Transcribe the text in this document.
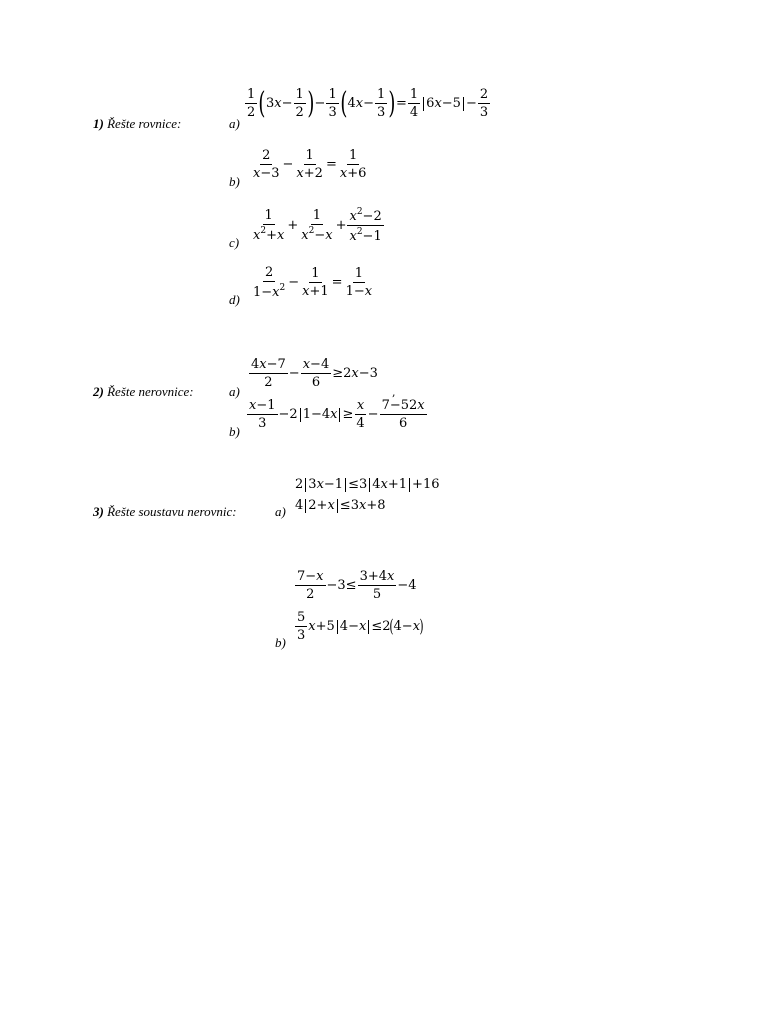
1) Řešte rovnice:	a)
$\frac{1}{2}$ ( 3 $x - \frac{1}{2}$ ) − $\frac{1}{3}$ ( 4 $x - \frac{1}{3}$ ) = $\frac{1}{4} 6$ $x -5 - \frac{2}{3}$
b)
$\frac{2}{x-3} - \frac{1}{x+2} = \frac{1}{x+6}$
c)
$\frac{1}{x^2+x} + \frac{1}{x^2-x} + \frac{x^2-2}{x^2-1}$
d)
$\frac{2}{1-x^2} - \frac{1}{x+1} = \frac{1}{1-x}$
2) Řešte nerovnice:	a)
$\frac{4x-7}{2} - \frac{x-4}{6} \ge 2$ x −3
,
b)
$\frac{x-1}{3} -2$ 1−4 $x \ge \frac{x}{4} - \frac{7-52x}{6}$
3) Řešte soustavu nerovnic:	a)
2 3x−1 ≤3 4x+1 +16
4 2+x ≤3x+8
b)
$\frac{7-x}{2} -3\le \frac{3+4x}{5} -4$
$\frac{5}{3}$ x +5 4− x ≤2 ( 4− x )
